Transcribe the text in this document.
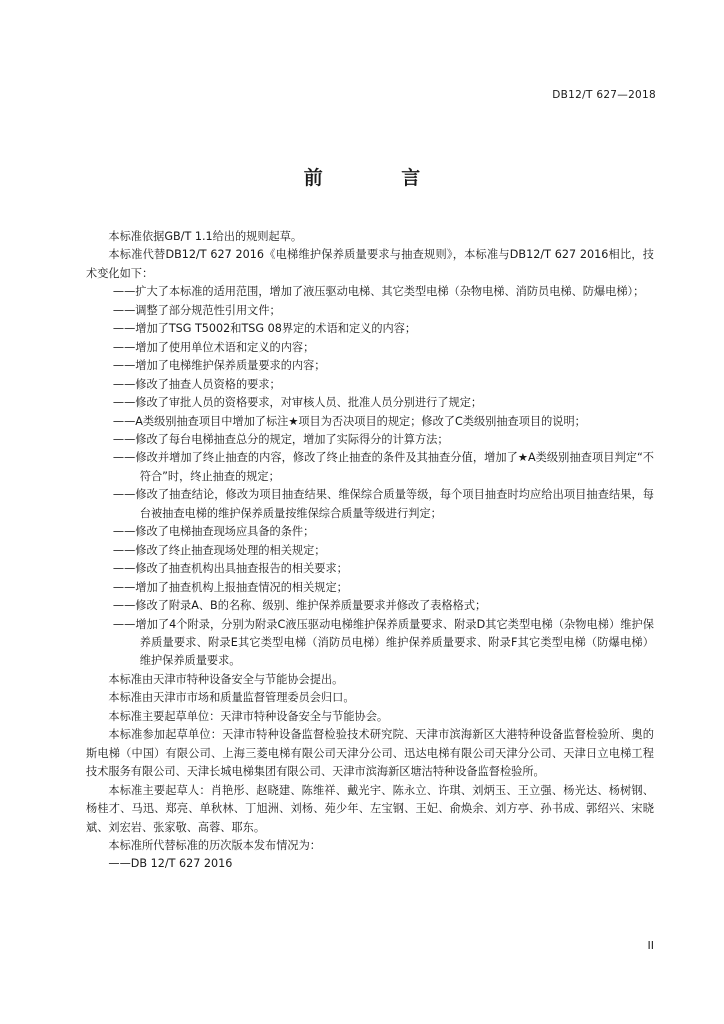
DB12/T 627—2018
前 言

本标准依据GB/T 1.1给出的规则起草。

本标准代替DB12/T 627 2016《电梯维护保养质量要求与抽查规则》，本标准与DB12/T 627 2016相比，技术变化如下：

——扩大了本标准的适用范围，增加了液压驱动电梯、其它类型电梯（杂物电梯、消防员电梯、防爆电梯）；

——调整了部分规范性引用文件；

——增加了TSG T5002和TSG 08界定的术语和定义的内容；

——增加了使用单位术语和定义的内容；

——增加了电梯维护保养质量要求的内容；

——修改了抽查人员资格的要求；

——修改了审批人员的资格要求，对审核人员、批准人员分别进行了规定；

——A类级别抽查项目中增加了标注★项目为否决项目的规定；修改了C类级别抽查项目的说明；

——修改了每台电梯抽查总分的规定，增加了实际得分的计算方法；

——修改并增加了终止抽查的内容，修改了终止抽查的条件及其抽查分值，增加了★A类级别抽查项目判定“不符合”时，终止抽查的规定；

——修改了抽查结论，修改为项目抽查结果、维保综合质量等级，每个项目抽查时均应给出项目抽查结果，每台被抽查电梯的维护保养质量按维保综合质量等级进行判定；

——修改了电梯抽查现场应具备的条件；

——修改了终止抽查现场处理的相关规定；

——修改了抽查机构出具抽查报告的相关要求；

——增加了抽查机构上报抽查情况的相关规定；

——修改了附录A、B的名称、级别、维护保养质量要求并修改了表格格式；

——增加了4个附录，分别为附录C液压驱动电梯维护保养质量要求、附录D其它类型电梯（杂物电梯）维护保养质量要求、附录E其它类型电梯（消防员电梯）维护保养质量要求、附录F其它类型电梯（防爆电梯）维护保养质量要求。

本标准由天津市特种设备安全与节能协会提出。

本标准由天津市市场和质量监督管理委员会归口。

本标准主要起草单位：天津市特种设备安全与节能协会。

本标准参加起草单位：天津市特种设备监督检验技术研究院、天津市滨海新区大港特种设备监督检验所、奥的斯电梯（中国）有限公司、上海三菱电梯有限公司天津分公司、迅达电梯有限公司天津分公司、天津日立电梯工程技术服务有限公司、天津长城电梯集团有限公司、天津市滨海新区塘沽特种设备监督检验所。

本标准主要起草人：肖艳彤、赵晓建、陈维祥、戴光宇、陈永立、许琪、刘炳玉、王立强、杨光达、杨树钢、杨桂才、马迅、郑亮、单秋林、丁旭洲、刘杨、苑少年、左宝钢、王妃、俞焕余、刘方亭、孙书成、郭绍兴、宋晓斌、刘宏岩、张家敬、高蓉、耶东。

本标准所代替标准的历次版本发布情况为：

——DB 12/T 627 2016

II
